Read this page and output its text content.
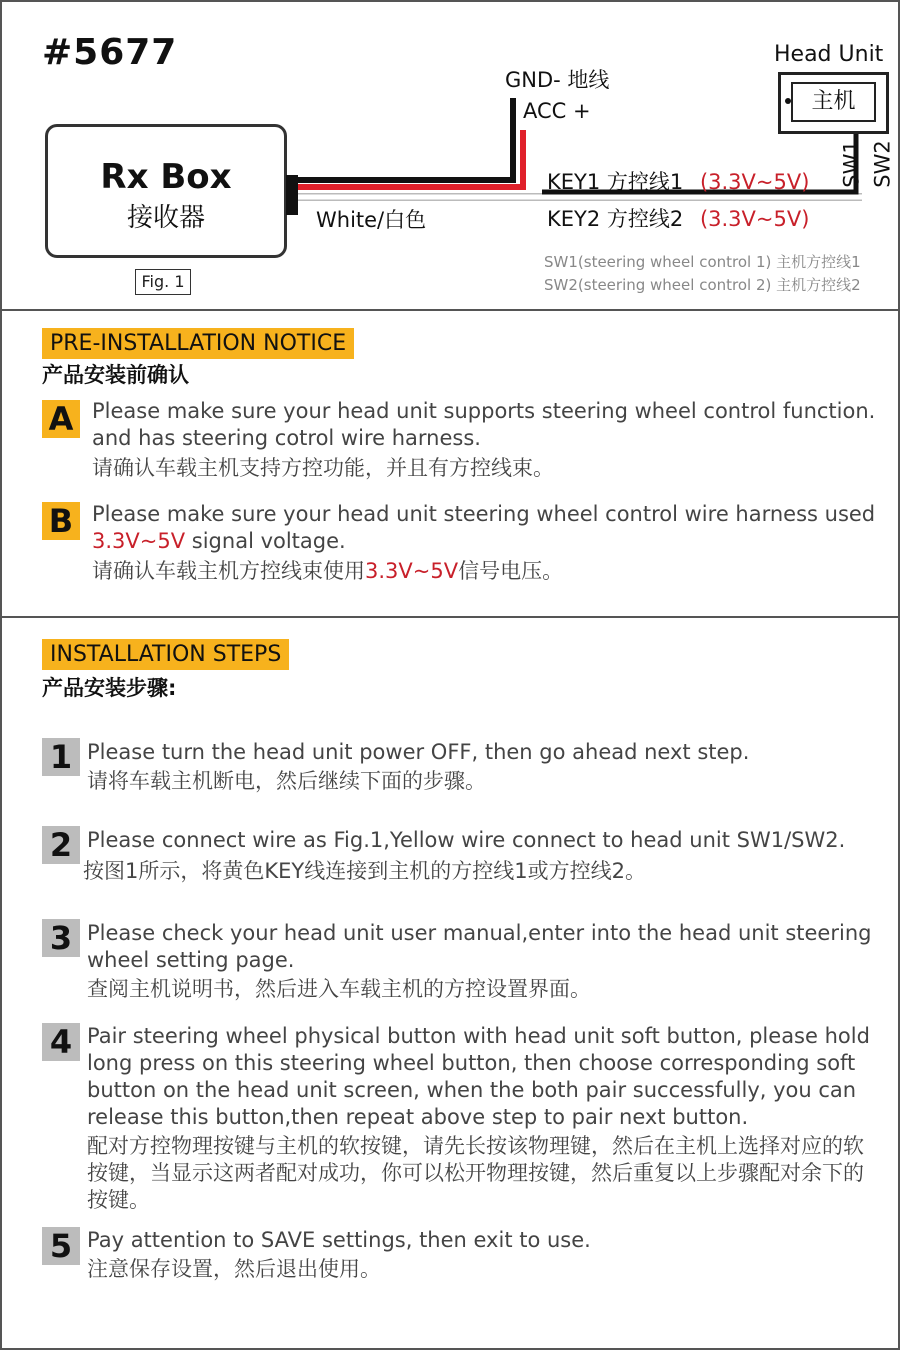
#5677
Rx Box
接收器
Fig. 1
White/白色
GND- 地线
ACC +
KEY1 方控线1 (3.3V~5V)
KEY2 方控线2 (3.3V~5V)
Head Unit
主机
SW1 SW2
SW1(steering wheel control 1) 主机方控线1
SW2(steering wheel control 2) 主机方控线2
PRE-INSTALLATION NOTICE
产品安装前确认
A Please make sure your head unit supports steering wheel control function. and has steering cotrol wire harness.
请确认车载主机支持方控功能，并且有方控线束。
B Please make sure your head unit steering wheel control wire harness used 3.3V~5V signal voltage.
请确认车载主机方控线束使用3.3V~5V信号电压。
INSTALLATION STEPS
产品安装步骤:
1 Please turn the head unit power OFF, then go ahead next step.
请将车载主机断电，然后继续下面的步骤。
2 Please connect wire as Fig.1,Yellow wire connect to head unit SW1/SW2.
按图1所示，将黄色KEY线连接到主机的方控线1或方控线2。
3 Please check your head unit user manual,enter into the head unit steering wheel setting page.
查阅主机说明书，然后进入车载主机的方控设置界面。
4 Pair steering wheel physical button with head unit soft button, please hold long press on this steering wheel button, then choose corresponding soft button on the head unit screen, when the both pair successfully, you can release this button,then repeat above step to pair next button.
配对方控物理按键与主机的软按键，请先长按该物理键，然后在主机上选择对应的软按键，当显示这两者配对成功，你可以松开物理按键，然后重复以上步骤配对余下的按键。
5 Pay attention to SAVE settings, then exit to use.
注意保存设置，然后退出使用。
